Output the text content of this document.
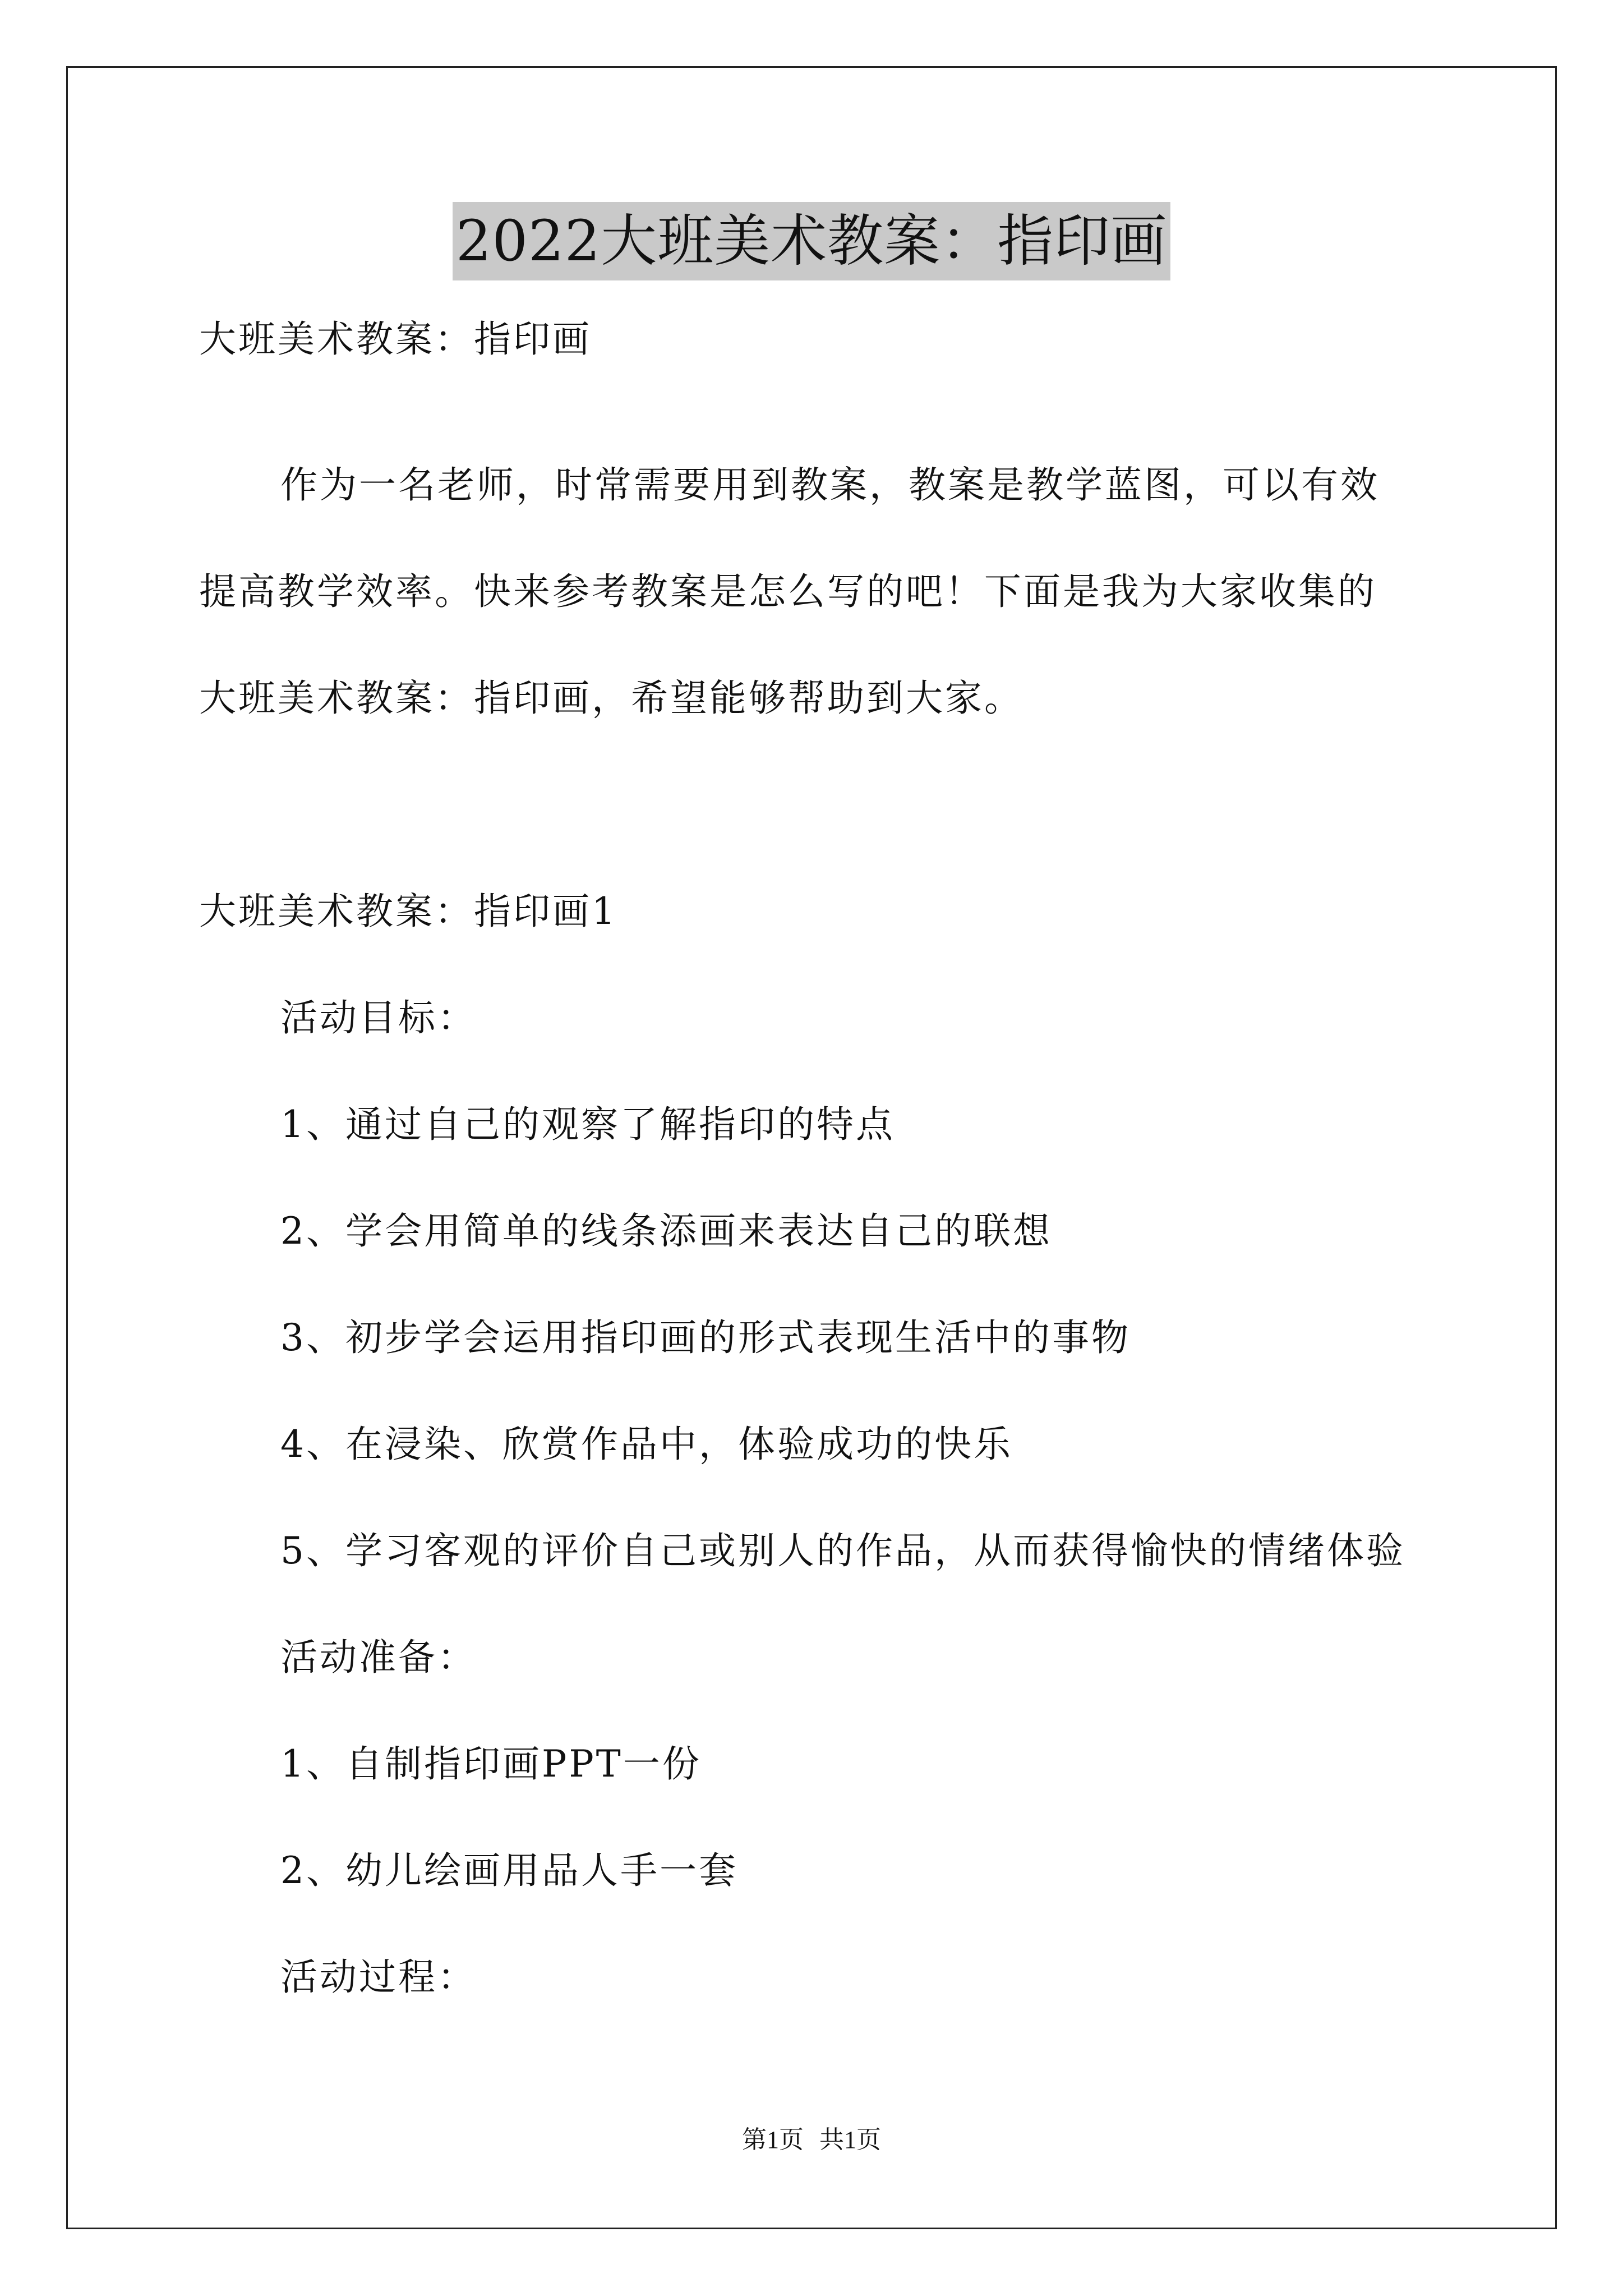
2022大班美术教案：指印画
大班美术教案：指印画
作为一名老师，时常需要用到教案，教案是教学蓝图，可以有效
提高教学效率。快来参考教案是怎么写的吧！下面是我为大家收集的
大班美术教案：指印画，希望能够帮助到大家。
大班美术教案：指印画1
活动目标：
1、通过自己的观察了解指印的特点
2、学会用简单的线条添画来表达自己的联想
3、初步学会运用指印画的形式表现生活中的事物
4、在浸染、欣赏作品中，体验成功的快乐
5、学习客观的评价自己或别人的作品，从而获得愉快的情绪体验
活动准备：
1、自制指印画PPT一份
2、幼儿绘画用品人手一套
活动过程：
第1页 共1页
